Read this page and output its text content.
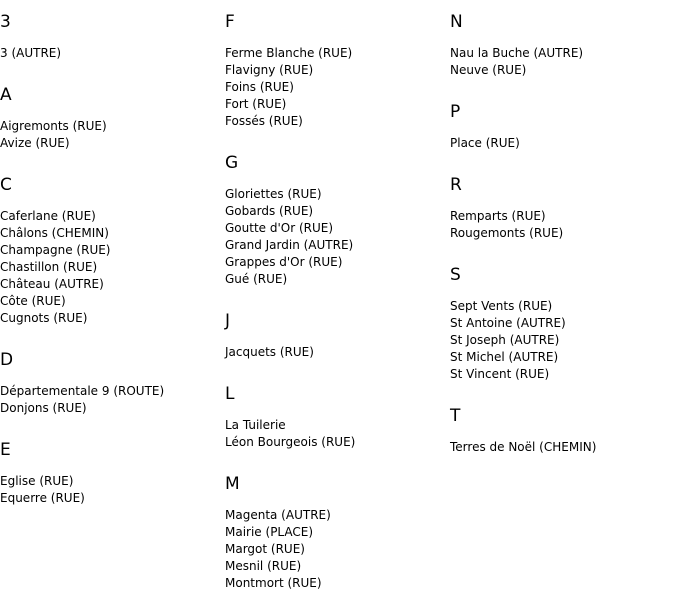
3
3 (AUTRE)
A
Aigremonts (RUE)
Avize (RUE)
C
Caferlane (RUE)
Châlons (CHEMIN)
Champagne (RUE)
Chastillon (RUE)
Château (AUTRE)
Côte (RUE)
Cugnots (RUE)
D
Départementale 9 (ROUTE)
Donjons (RUE)
E
Eglise (RUE)
Equerre (RUE)
F
Ferme Blanche (RUE)
Flavigny (RUE)
Foins (RUE)
Fort (RUE)
Fossés (RUE)
G
Gloriettes (RUE)
Gobards (RUE)
Goutte d'Or (RUE)
Grand Jardin (AUTRE)
Grappes d'Or (RUE)
Gué (RUE)
J
Jacquets (RUE)
L
La Tuilerie
Léon Bourgeois (RUE)
M
Magenta (AUTRE)
Mairie (PLACE)
Margot (RUE)
Mesnil (RUE)
Montmort (RUE)
N
Nau la Buche (AUTRE)
Neuve (RUE)
P
Place (RUE)
R
Remparts (RUE)
Rougemonts (RUE)
S
Sept Vents (RUE)
St Antoine (AUTRE)
St Joseph (AUTRE)
St Michel (AUTRE)
St Vincent (RUE)
T
Terres de Noël (CHEMIN)
